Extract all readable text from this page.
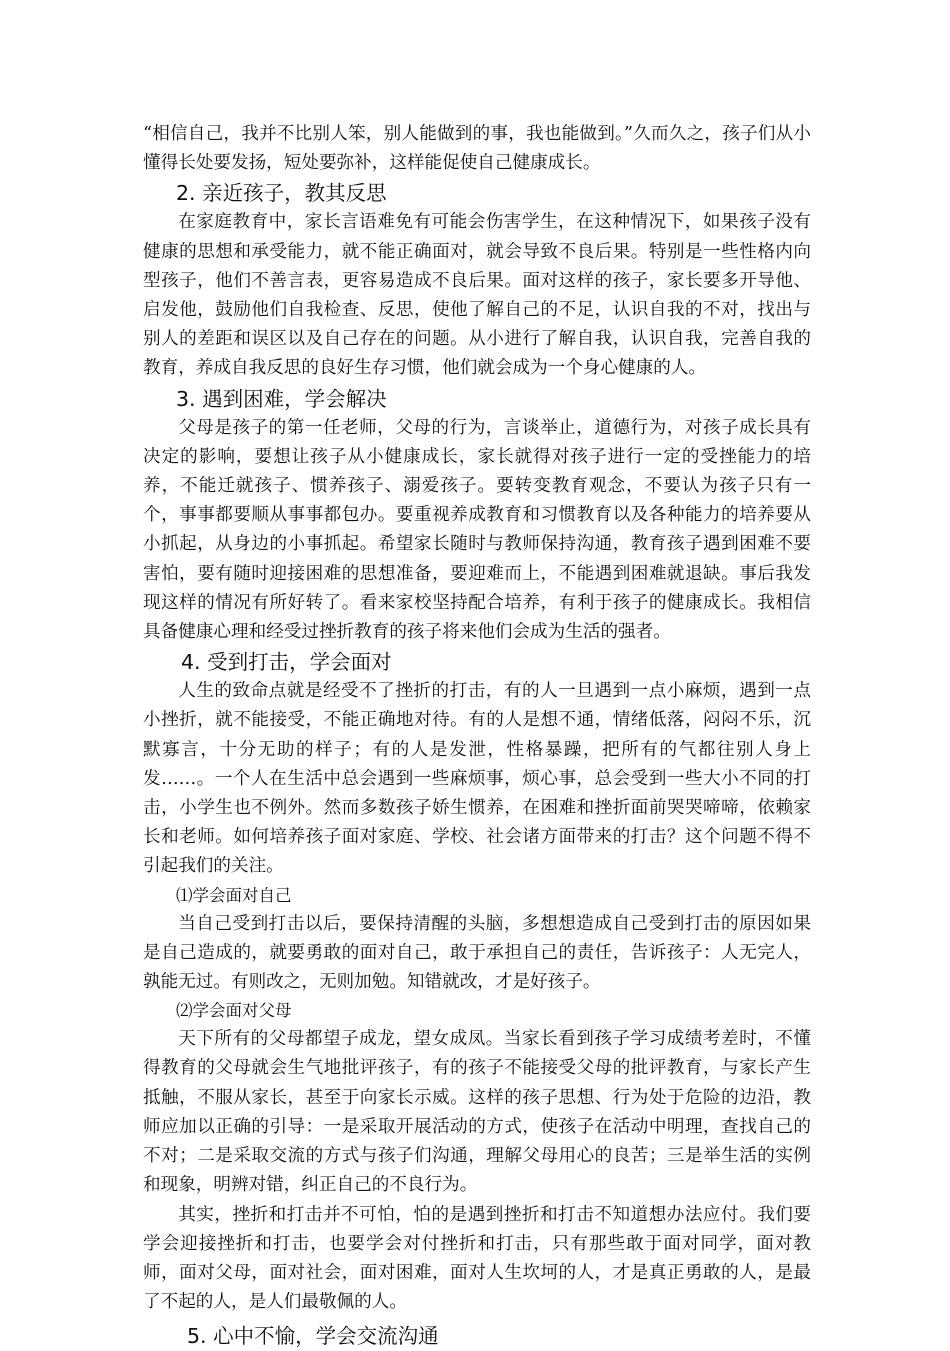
“相信自己，我并不比别人笨，别人能做到的事，我也能做到。”久而久之，孩子们从小懂得长处要发扬，短处要弥补，这样能促使自己健康成长。

2. 亲近孩子，教其反思

在家庭教育中，家长言语难免有可能会伤害学生，在这种情况下，如果孩子没有健康的思想和承受能力，就不能正确面对，就会导致不良后果。特别是一些性格内向型孩子，他们不善言表，更容易造成不良后果。面对这样的孩子，家长要多开导他、启发他，鼓励他们自我检查、反思，使他了解自己的不足，认识自我的不对，找出与别人的差距和误区以及自己存在的问题。从小进行了解自我，认识自我，完善自我的教育，养成自我反思的良好生存习惯，他们就会成为一个身心健康的人。

3. 遇到困难，学会解决

父母是孩子的第一任老师，父母的行为，言谈举止，道德行为，对孩子成长具有决定的影响，要想让孩子从小健康成长，家长就得对孩子进行一定的受挫能力的培养，不能迁就孩子、惯养孩子、溺爱孩子。要转变教育观念，不要认为孩子只有一个，事事都要顺从事事都包办。要重视养成教育和习惯教育以及各种能力的培养要从小抓起，从身边的小事抓起。希望家长随时与教师保持沟通，教育孩子遇到困难不要害怕，要有随时迎接困难的思想准备，要迎难而上，不能遇到困难就退缺。事后我发现这样的情况有所好转了。看来家校坚持配合培养，有利于孩子的健康成长。我相信具备健康心理和经受过挫折教育的孩子将来他们会成为生活的强者。

4. 受到打击，学会面对

人生的致命点就是经受不了挫折的打击，有的人一旦遇到一点小麻烦，遇到一点小挫折，就不能接受，不能正确地对待。有的人是想不通，情绪低落，闷闷不乐，沉默寡言，十分无助的样子；有的人是发泄，性格暴躁，把所有的气都往别人身上发……。一个人在生活中总会遇到一些麻烦事，烦心事，总会受到一些大小不同的打击，小学生也不例外。然而多数孩子娇生惯养，在困难和挫折面前哭哭啼啼，依赖家长和老师。如何培养孩子面对家庭、学校、社会诸方面带来的打击？这个问题不得不引起我们的关注。

⑴学会面对自己

当自己受到打击以后，要保持清醒的头脑，多想想造成自己受到打击的原因如果是自己造成的，就要勇敢的面对自己，敢于承担自己的责任，告诉孩子：人无完人，孰能无过。有则改之，无则加勉。知错就改，才是好孩子。

⑵学会面对父母

天下所有的父母都望子成龙，望女成凤。当家长看到孩子学习成绩考差时，不懂得教育的父母就会生气地批评孩子，有的孩子不能接受父母的批评教育，与家长产生抵触，不服从家长，甚至于向家长示威。这样的孩子思想、行为处于危险的边沿，教师应加以正确的引导：一是采取开展活动的方式，使孩子在活动中明理，查找自己的不对；二是采取交流的方式与孩子们沟通，理解父母用心的良苦；三是举生活的实例和现象，明辨对错，纠正自己的不良行为。

其实，挫折和打击并不可怕，怕的是遇到挫折和打击不知道想办法应付。我们要学会迎接挫折和打击，也要学会对付挫折和打击，只有那些敢于面对同学，面对教师，面对父母，面对社会，面对困难，面对人生坎坷的人，才是真正勇敢的人，是最了不起的人，是人们最敬佩的人。

5. 心中不愉，学会交流沟通
